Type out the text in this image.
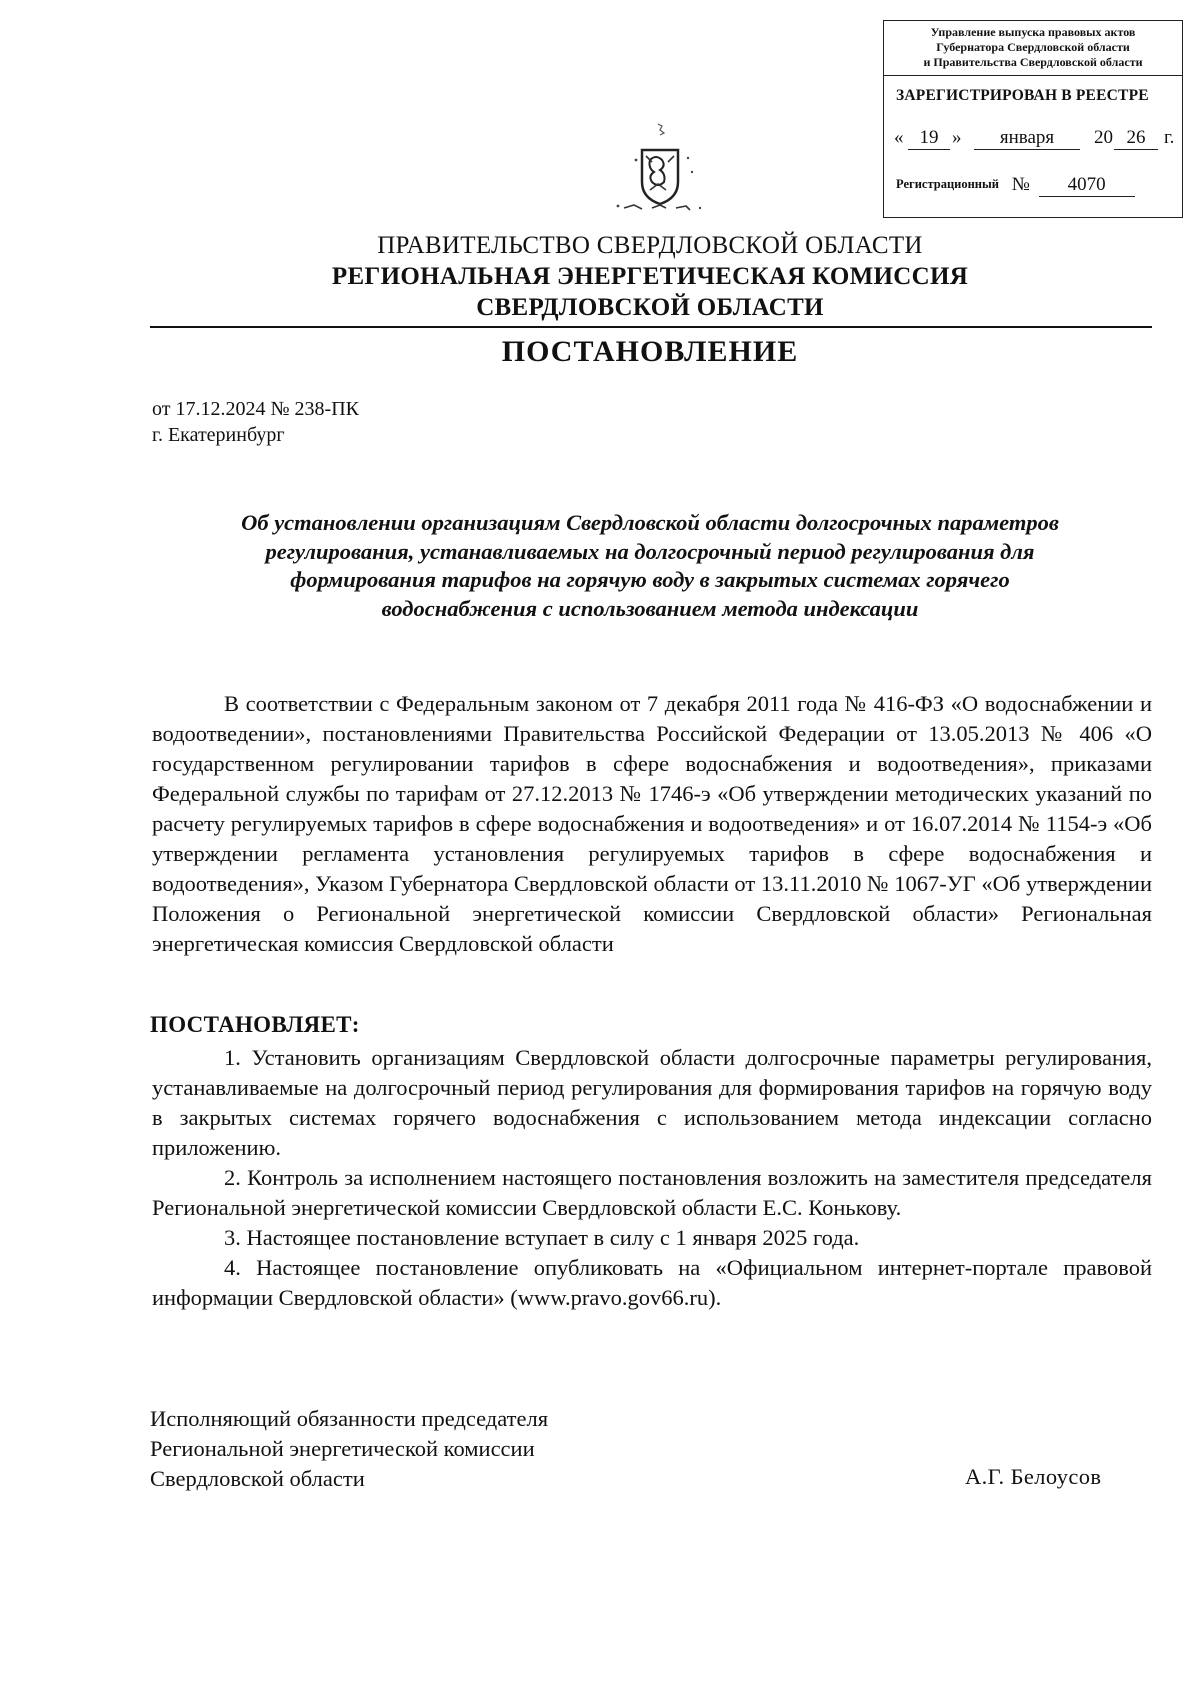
Управление выпуска правовых актов
Губернатора Свердловской области
и Правительства Свердловской области
ЗАРЕГИСТРИРОВАН В РЕЕСТРЕ
« 19 »	января	20 26 г.
Регистрационный № 4070
ПРАВИТЕЛЬСТВО СВЕРДЛОВСКОЙ ОБЛАСТИ
РЕГИОНАЛЬНАЯ ЭНЕРГЕТИЧЕСКАЯ КОМИССИЯ
СВЕРДЛОВСКОЙ ОБЛАСТИ
ПОСТАНОВЛЕНИЕ
от 17.12.2024 № 238-ПК
г. Екатеринбург
Об установлении организациям Свердловской области долгосрочных параметров
регулирования, устанавливаемых на долгосрочный период регулирования для
формирования тарифов на горячую воду в закрытых системах горячего
водоснабжения с использованием метода индексации

В соответствии с Федеральным законом от 7 декабря 2011 года № 416-ФЗ «О водоснабжении и водоотведении», постановлениями Правительства Российской Федерации от 13.05.2013 № 406 «О государственном регулировании тарифов в сфере водоснабжения и водоотведения», приказами Федеральной службы по тарифам от 27.12.2013 № 1746-э «Об утверждении методических указаний по расчету регулируемых тарифов в сфере водоснабжения и водоотведения» и от 16.07.2014 № 1154-э «Об утверждении регламента установления регулируемых тарифов в сфере водоснабжения и водоотведения», Указом Губернатора Свердловской области от 13.11.2010 № 1067-УГ «Об утверждении Положения о Региональной энергетической комиссии Свердловской области» Региональная энергетическая комиссия Свердловской области

ПОСТАНОВЛЯЕТ:

1. Установить организациям Свердловской области долгосрочные параметры регулирования, устанавливаемые на долгосрочный период регулирования для формирования тарифов на горячую воду в закрытых системах горячего водоснабжения с использованием метода индексации согласно приложению.

2. Контроль за исполнением настоящего постановления возложить на заместителя председателя Региональной энергетической комиссии Свердловской области Е.С. Конькову.

3. Настоящее постановление вступает в силу с 1 января 2025 года.

4. Настоящее постановление опубликовать на «Официальном интернет-портале правовой информации Свердловской области» (www.pravo.gov66.ru).

Исполняющий обязанности председателя
Региональной энергетической комиссии
Свердловской области	А.Г. Белоусов
